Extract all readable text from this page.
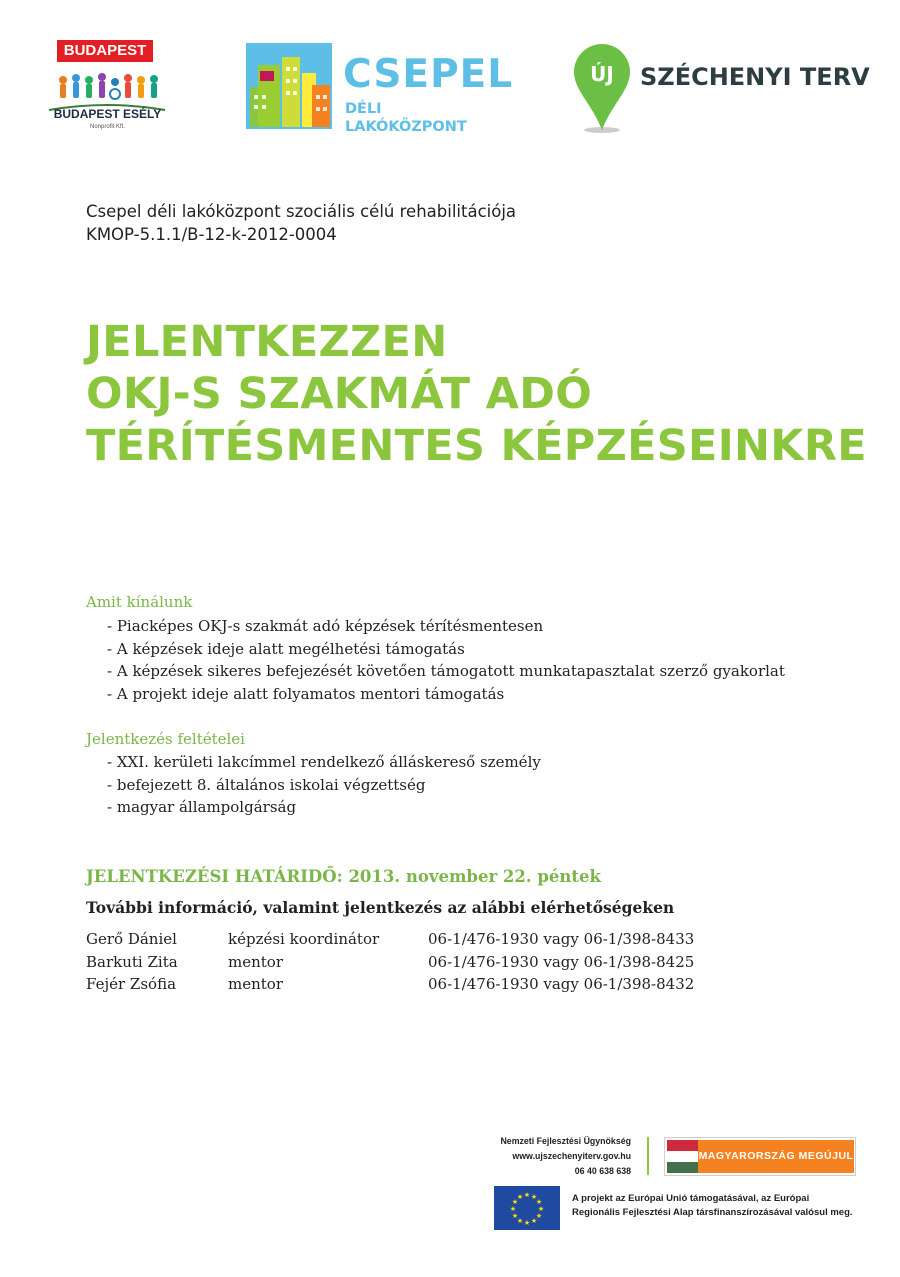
BUDAPEST
BUDAPEST ESÉLY
Nonprofit Kft.
CSEPEL
DÉLI LAKÓKÖZPONT
ÚJ SZÉCHENYI TERV
Csepel déli lakóközpont szociális célú rehabilitációja
KMOP-5.1.1/B-12-k-2012-0004
JELENTKEZZEN
OKJ-S SZAKMÁT ADÓ
TÉRÍTÉSMENTES KÉPZÉSEINKRE
Amit kínálunk
- Piacképes OKJ-s szakmát adó képzések térítésmentesen
- A képzések ideje alatt megélhetési támogatás
- A képzések sikeres befejezését követően támogatott munkatapasztalat szerző gyakorlat
- A projekt ideje alatt folyamatos mentori támogatás
Jelentkezés feltételei
- XXI. kerületi lakcímmel rendelkező álláskereső személy
- befejezett 8. általános iskolai végzettség
- magyar állampolgárság
JELENTKEZÉSI HATÁRIDŐ: 2013. november 22. péntek
További információ, valamint jelentkezés az alábbi elérhetőségeken
Gerő Dániel	képzési koordinátor	06-1/476-1930 vagy 06-1/398-8433
Barkuti Zita	mentor	06-1/476-1930 vagy 06-1/398-8425
Fejér Zsófia	mentor	06-1/476-1930 vagy 06-1/398-8432
Nemzeti Fejlesztési Ügynökség
www.ujszechenyiterv.gov.hu
06 40 638 638
MAGYARORSZÁG MEGÚJUL
★ ★
★
★
★
★
★
★
★
★
★
★	A projekt az Európai Unió támogatásával, az Európai
Regionális Fejlesztési Alap társfinanszírozásával valósul meg.
